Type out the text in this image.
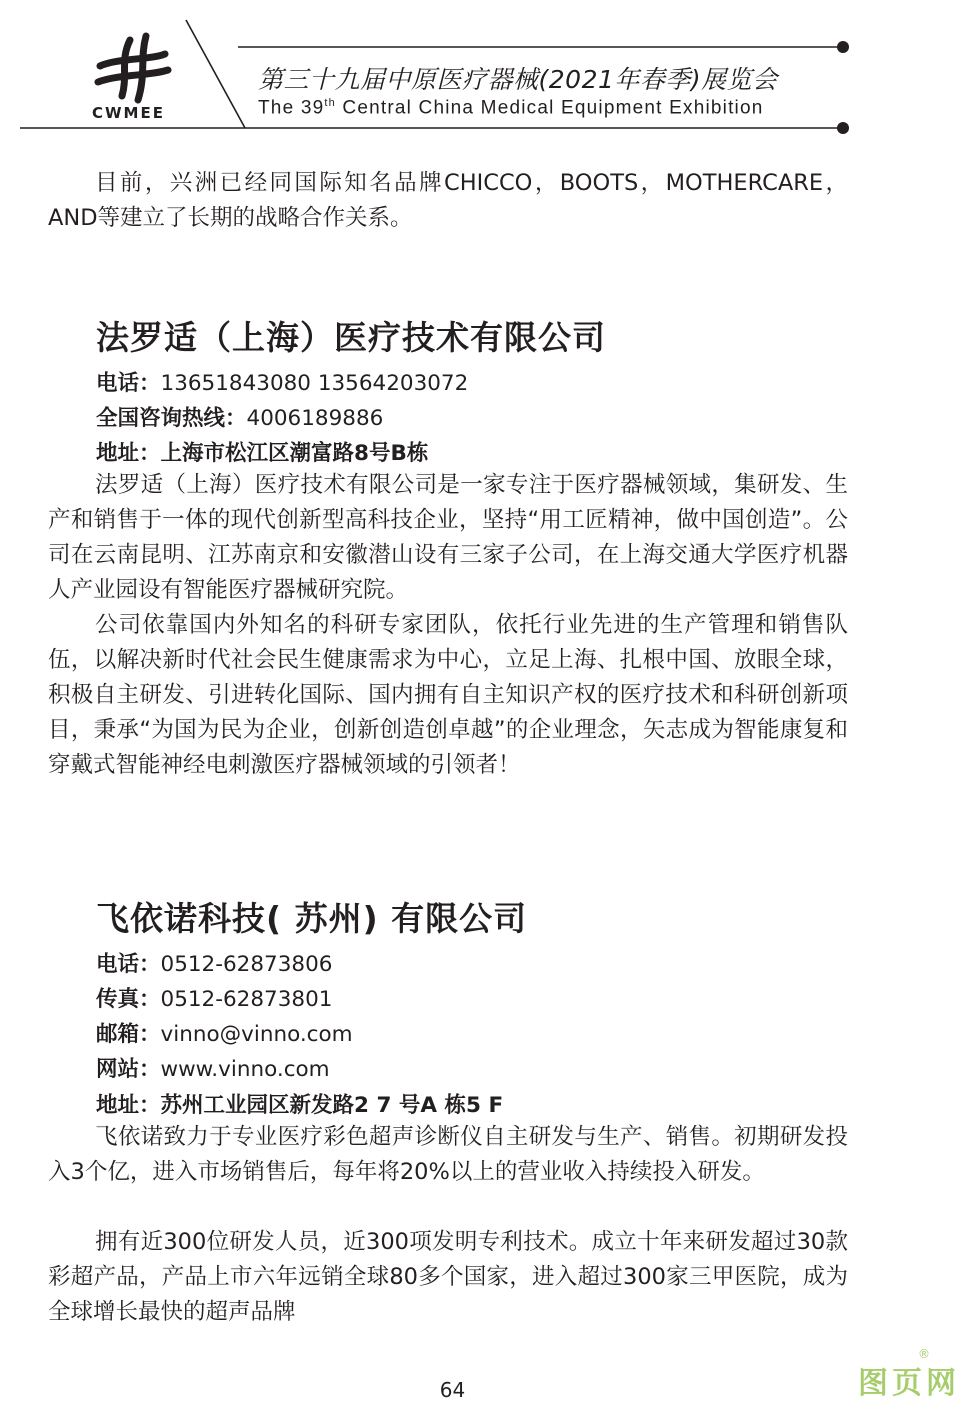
CWMEE
第三十九届中原医疗器械(2021年春季)展览会
The 39th Central China Medical Equipment Exhibition

目前，兴洲已经同国际知名品牌CHICCO，BOOTS，MOTHERCARE，AND等建立了长期的战略合作关系。

法罗适（上海）医疗技术有限公司
电话：13651843080 13564203072
全国咨询热线：4006189886
地址：上海市松江区潮富路8号B栋

法罗适（上海）医疗技术有限公司是一家专注于医疗器械领域，集研发、生产和销售于一体的现代创新型高科技企业，坚持“用工匠精神，做中国创造”。公司在云南昆明、江苏南京和安徽潜山设有三家子公司，在上海交通大学医疗机器人产业园设有智能医疗器械研究院。

公司依靠国内外知名的科研专家团队，依托行业先进的生产管理和销售队伍，以解决新时代社会民生健康需求为中心，立足上海、扎根中国、放眼全球，积极自主研发、引进转化国际、国内拥有自主知识产权的医疗技术和科研创新项目，秉承“为国为民为企业，创新创造创卓越”的企业理念，矢志成为智能康复和穿戴式智能神经电刺激医疗器械领域的引领者！

飞依诺科技( 苏州) 有限公司
电话：0512-62873806
传真：0512-62873801
邮箱：vinno@vinno.com
网站：www.vinno.com
地址：苏州工业园区新发路2 7 号A 栋5 F

飞依诺致力于专业医疗彩色超声诊断仪自主研发与生产、销售。初期研发投入3个亿，进入市场销售后，每年将20%以上的营业收入持续投入研发。

拥有近300位研发人员，近300项发明专利技术。成立十年来研发超过30款彩超产品，产品上市六年远销全球80多个国家，进入超过300家三甲医院，成为全球增长最快的超声品牌

64	图页网
®
